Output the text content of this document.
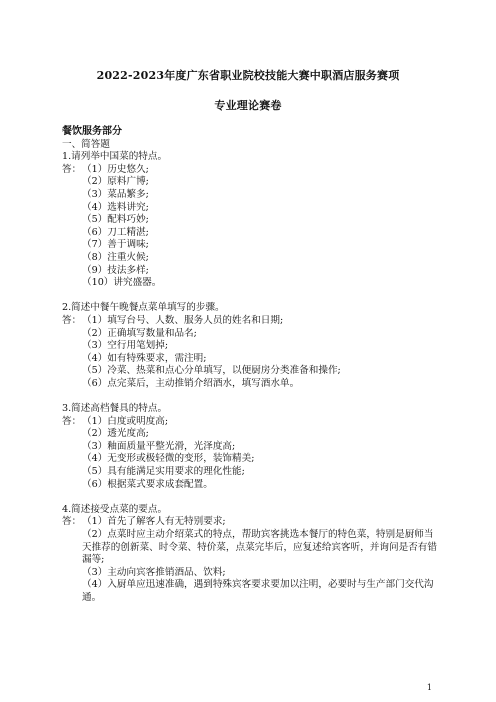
2022-2023年度广东省职业院校技能大赛中职酒店服务赛项
专业理论赛卷
餐饮服务部分
一、简答题
1.请列举中国菜的特点。
答： （1）历史悠久;
（2）原料广博;
（3）菜品繁多;
（4）选料讲究;
（5）配料巧妙;
（6）刀工精湛;
（7）善于调味;
（8）注重火候;
（9）技法多样;
（10）讲究盛器。
2.简述中餐午晚餐点菜单填写的步骤。
答： （1）填写台号、人数、服务人员的姓名和日期;
（2）正确填写数量和品名;
（3）空行用笔划掉;
（4）如有特殊要求，需注明;
（5）冷菜、热菜和点心分单填写，以便厨房分类准备和操作;
（6）点完菜后，主动推销介绍酒水，填写酒水单。
3.简述高档餐具的特点。
答： （1）白度或明度高;
（2）透光度高;
（3）釉面质量平整光滑，光泽度高;
（4）无变形或极轻微的变形，装饰精美;
（5）具有能满足实用要求的理化性能;
（6）根据菜式要求成套配置。
4.简述接受点菜的要点。
答： （1）首先了解客人有无特别要求;
（2）点菜时应主动介绍菜式的特点，帮助宾客挑选本餐厅的特色菜，特别是厨师当天推荐的创新菜、时令菜、特价菜，点菜完毕后，应复述给宾客听，并询问是否有错漏等;
（3）主动向宾客推销酒品、饮料;
（4）入厨单应迅速准确，遇到特殊宾客要求要加以注明，必要时与生产部门交代沟通。
1
